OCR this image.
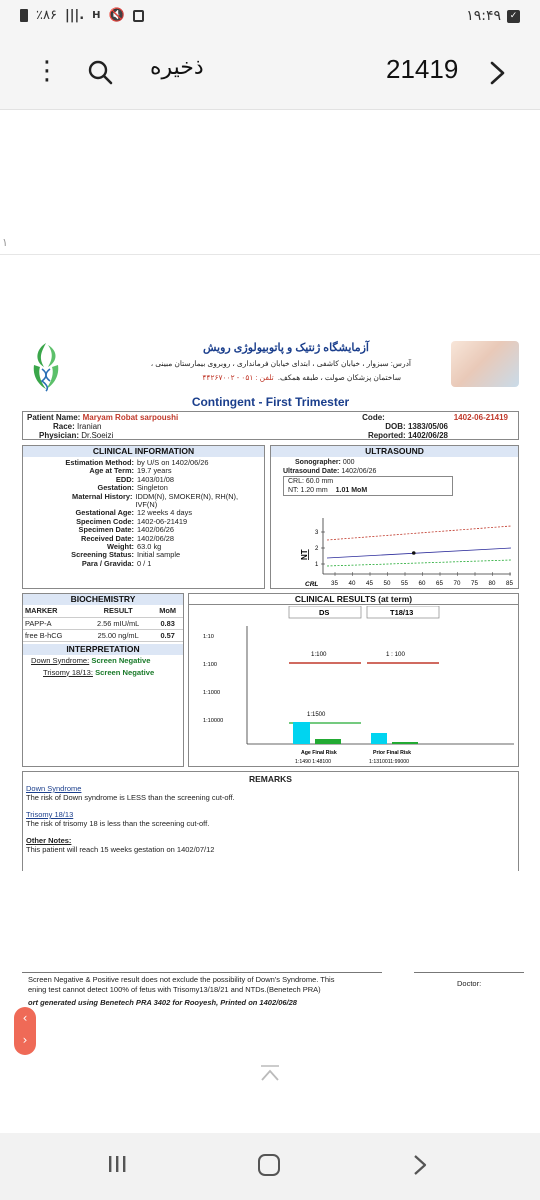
٪۸۶ |||. H 🔇	۱۹:۴۹ ✓
⋮	ذخیره	21419
۱
آزمایشگاه ژنتیک و پاتوبیولوژی رویش
آدرس: سبزوار ، خیابان کاشفی ، ابتدای خیابان فرمانداری ، روبروی بیمارستان مبینی ،
ساختمان پزشکان صولت ، طبقه همکف.  تلفن : ۰۵۱ - ۴۴۲۶۷۰۰۲
Contingent - First Trimester
Patient Name: Maryam Robat sarpoushi
Race: Iranian
Physician: Dr.Soeizi
Code:	1402-06-21419
DOB: 1383/05/06
Reported: 1402/06/28
CLINICAL INFORMATION
Estimation Method: by U/S on 1402/06/26
Age at Term: 19.7 years
EDD: 1403/01/08
Gestation: Singleton
Maternal History: IDDM(N), SMOKER(N), RH(N), IVF(N)
Gestational Age: 12 weeks 4 days
Specimen Code: 1402-06-21419
Specimen Date: 1402/06/26
Received Date: 1402/06/28
Weight: 63.0 kg
Screening Status: Initial sample
Para / Gravida: 0 / 1
ULTRASOUND
Sonographer: 000
Ultrasound Date: 1402/06/26
CRL: 60.0 mm
NT: 1.20 mm 1.01 MoM
1
2
3
35 40 45 50 55 60 65 70 75 80 85
NT
CRL
BIOCHEMISTRY
MARKER	RESULT	MoM
PAPP-A	2.56 mIU/mL	0.83
free B-hCG	25.00 ng/mL	0.57
INTERPRETATION
Down Syndrome: Screen Negative
Trisomy 18/13: Screen Negative
CLINICAL RESULTS (at term)
1:10
1:100
1:1000
1:10000
DS	T18/13
1:100	1 : 100
1:1500
Age Final Risk
1:1490 1:48100
Prior Final Risk
1:1310011:99000
REMARKS
Down Syndrome
The risk of Down syndrome is LESS than the screening cut-off.
Trisomy 18/13
The risk of trisomy 18 is less than the screening cut-off.
Other Notes:
This patient will reach 15 weeks gestation on 1402/07/12
Screen Negative & Positive result does not exclude the possibility of Down's Syndrome. This
ening test cannot detect 100% of fetus with Trisomy13/18/21 and NTDs.(Benetech PRA)
ort generated using Benetech PRA 3402 for Rooyesh, Printed on 1402/06/28
Doctor:
‹
›
